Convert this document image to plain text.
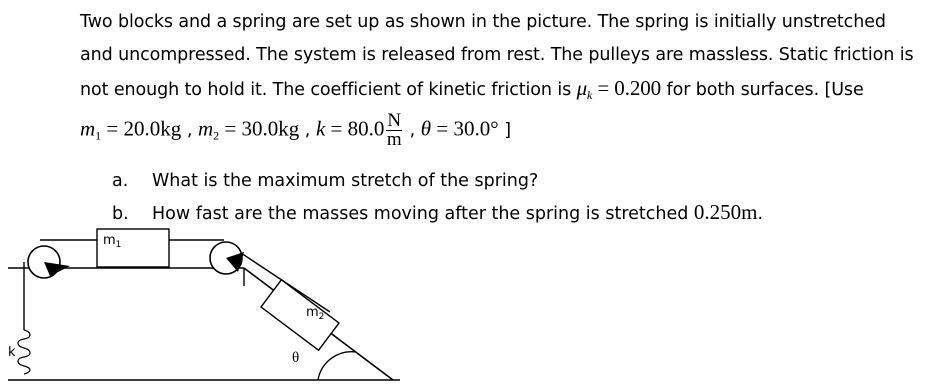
Two blocks and a spring are set up as shown in the picture. The spring is initially unstretched
and uncompressed. The system is released from rest. The pulleys are massless. Static friction is
not enough to hold it. The coefficient of kinetic friction is $\mu_k = 0.200$ for both surfaces. [Use
$m_1 = 20.0kg$ , $m_2 = 30.0kg$ , $k = 80.0 \frac{N}{m}$ , θ = 30.0° ]
a. What is the maximum stretch of the spring?
b. How fast are the masses moving after the spring is stretched 0.250m.
$m_1$
$m_2$
θ
k
